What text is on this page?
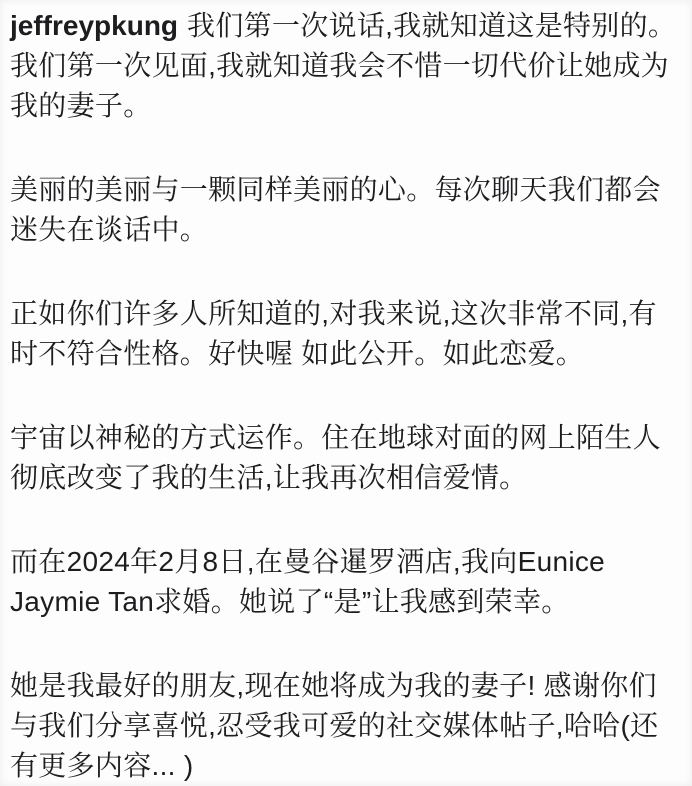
jeffreypkung 我们第一次说话,我就知道这是特别的。
我们第一次见面,我就知道我会不惜一切代价让她成为
我的妻子。
美丽的美丽与一颗同样美丽的心。每次聊天我们都会
迷失在谈话中。
正如你们许多人所知道的,对我来说,这次非常不同,有
时不符合性格。好快喔 如此公开。如此恋爱。
宇宙以神秘的方式运作。住在地球对面的网上陌生人
彻底改变了我的生活,让我再次相信爱情。
而在2024年2月8日,在曼谷暹罗酒店,我向Eunice
Jaymie Tan求婚。她说了“是”让我感到荣幸。
她是我最好的朋友,现在她将成为我的妻子! 感谢你们
与我们分享喜悦,忍受我可爱的社交媒体帖子,哈哈(还
有更多内容... )
